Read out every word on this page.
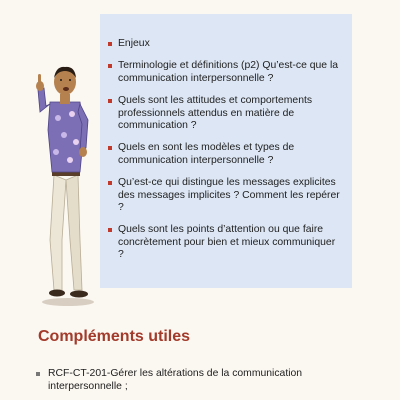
Enjeux
Terminologie et définitions (p2) Qu’est-ce que la communication interpersonnelle ?
Quels sont les attitudes et comportements professionnels attendus en matière de communication ?
Quels en sont les modèles et types de communication interpersonnelle ?
Qu’est-ce qui distingue les messages explicites des messages implicites ? Comment les repérer ?
Quels sont les points d’attention ou que faire concrètement pour bien et mieux communiquer ?
Compléments utiles
RCF-CT-201-Gérer les altérations de la communication interpersonnelle ;
